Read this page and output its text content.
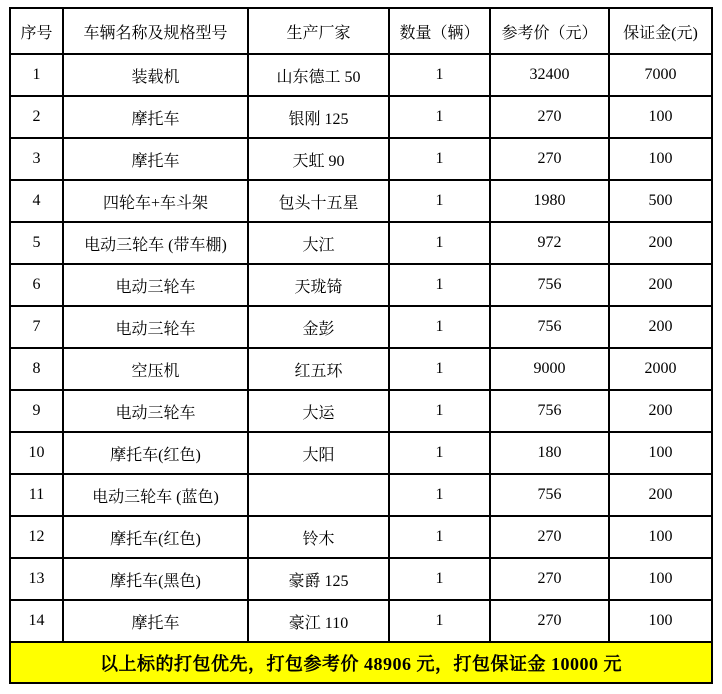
序号	车辆名称及规格型号	生产厂家	数量（辆）	参考价（元）	保证金(元)
1	装载机	山东德工 50	1	32400	7000
2	摩托车	银刚 125	1	270	100
3	摩托车	天虹 90	1	270	100
4	四轮车+车斗架	包头十五星	1	1980	500
5	电动三轮车 (带车棚)	大江	1	972	200
6	电动三轮车	天珑锜	1	756	200
7	电动三轮车	金彭	1	756	200
8	空压机	红五环	1	9000	2000
9	电动三轮车	大运	1	756	200
10	摩托车(红色)	大阳	1	180	100
11	电动三轮车 (蓝色)		1	756	200
12	摩托车(红色)	铃木	1	270	100
13	摩托车(黑色)	豪爵 125	1	270	100
14	摩托车	豪江 110	1	270	100
以上标的打包优先，打包参考价 48906 元，打包保证金 10000 元					
